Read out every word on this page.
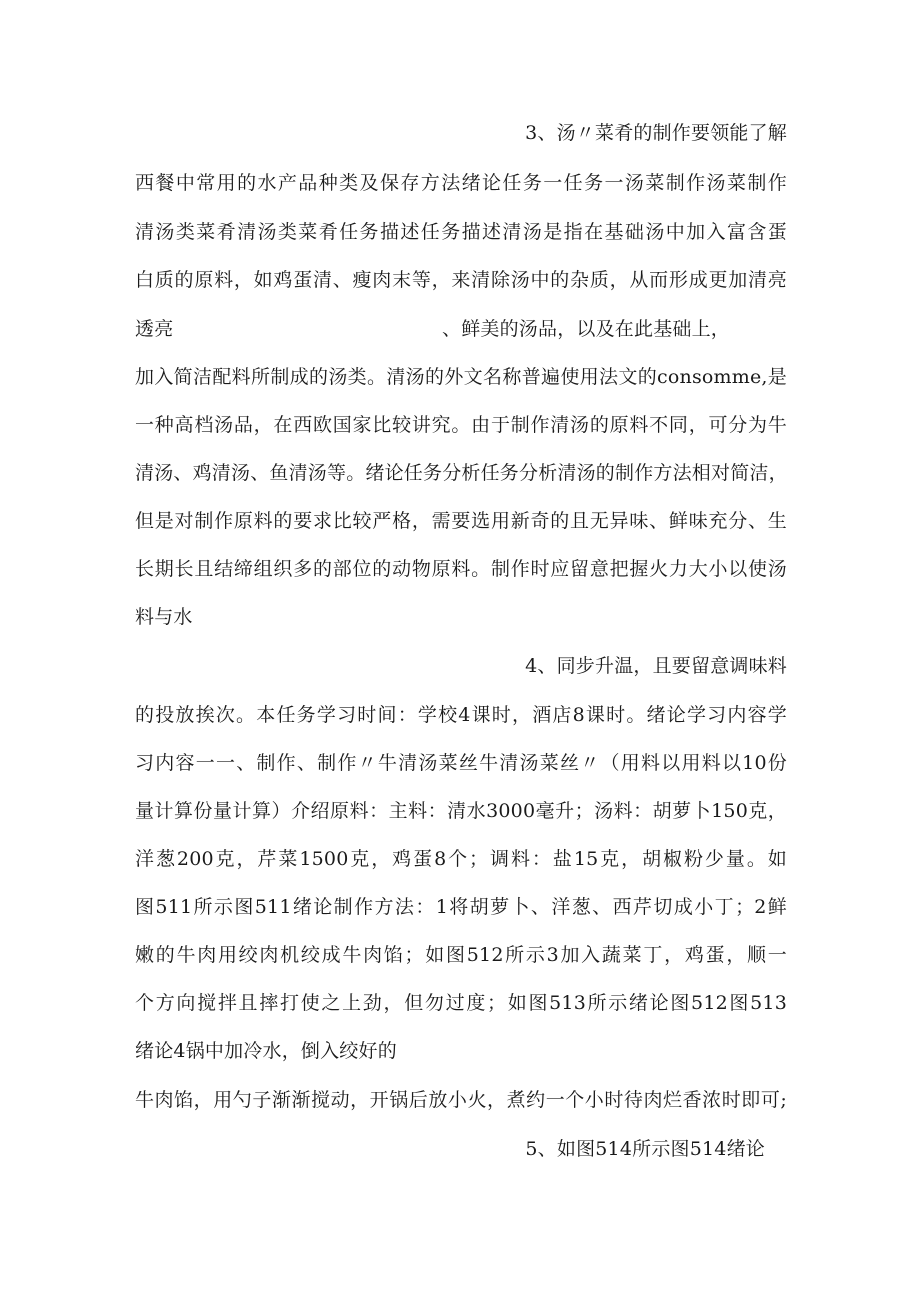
3、汤〃菜肴的制作要领能了解
西餐中常用的水产品种类及保存方法绪论任务一任务一汤菜制作汤菜制作
清汤类菜肴清汤类菜肴任务描述任务描述清汤是指在基础汤中加入富含蛋
白质的原料，如鸡蛋清、瘦肉末等，来清除汤中的杂质，从而形成更加清亮
透亮	、鲜美的汤品，以及在此基础上，
加入简洁配料所制成的汤类。清汤的外文名称普遍使用法文的consomme,是
一种高档汤品，在西欧国家比较讲究。由于制作清汤的原料不同，可分为牛
清汤、鸡清汤、鱼清汤等。绪论任务分析任务分析清汤的制作方法相对简洁，
但是对制作原料的要求比较严格，需要选用新奇的且无异味、鲜味充分、生
长期长且结缔组织多的部位的动物原料。制作时应留意把握火力大小以使汤
料与水
4、同步升温，且要留意调味料
的投放挨次。本任务学习时间：学校4课时，酒店8课时。绪论学习内容学
习内容一一、制作、制作〃牛清汤菜丝牛清汤菜丝〃（用料以用料以10份
量计算份量计算）介绍原料：主料：清水3000毫升；汤料：胡萝卜150克，
洋葱200克，芹菜1500克，鸡蛋8个；调料：盐15克，胡椒粉少量。如
图511所示图511绪论制作方法：1将胡萝卜、洋葱、西芹切成小丁；2鲜
嫩的牛肉用绞肉机绞成牛肉馅；如图512所示3加入蔬菜丁，鸡蛋，顺一
个方向搅拌且摔打使之上劲，但勿过度；如图513所示绪论图512图513
绪论4锅中加冷水，倒入绞好的
牛肉馅，用勺子渐渐搅动，开锅后放小火，煮约一个小时待肉烂香浓时即可;
5、如图514所示图514绪论
